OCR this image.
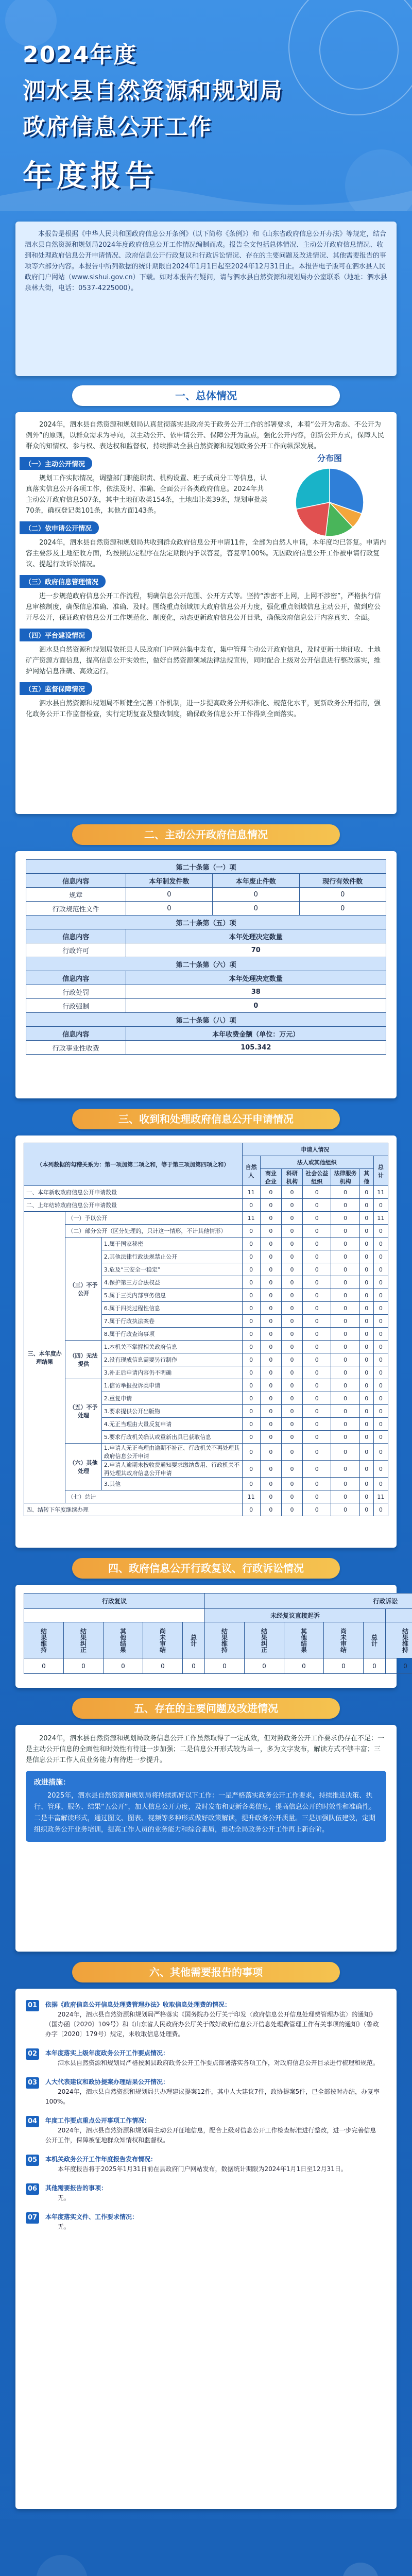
2024年度
泗水县自然资源和规划局
政府信息公开工作
年度报告
本报告是根据《中华人民共和国政府信息公开条例》（以下简称《条例》）和《山东省政府信息公开办法》等规定，结合泗水县自然资源和规划局2024年度政府信息公开工作情况编制而成。报告全文包括总体情况、主动公开政府信息情况、收到和处理政府信息公开申请情况、政府信息公开行政复议和行政诉讼情况、存在的主要问题及改进情况、其他需要报告的事项等六部分内容。本报告中所列数据的统计期限自2024年1月1日起至2024年12月31日止。本报告电子版可在泗水县人民政府门户网站（www.sishui.gov.cn）下载。如对本报告有疑问，请与泗水县自然资源和规划局办公室联系（地址：泗水县泉林大街，电话：0537-4225000）。
一、总体情况

2024年，泗水县自然资源和规划局认真贯彻落实县政府关于政务公开工作的部署要求，本着“公开为常态、不公开为例外”的原则，以群众需求为导向，以主动公开、依申请公开、保障公开为重点，强化公开内容，创新公开方式，保障人民群众的知情权、参与权、表达权和监督权，持续推动全县自然资源和规划政务公开工作向纵深发展。

（一）主动公开情况

规划工作实际情况，调整部门职能职责、机构设置、班子成员分工等信息，认真落实信息公开各项工作，依法及时、准确、全面公开各类政府信息。2024年共主动公开政府信息507条，其中土地征收类154条，土地出让类39条，规划审批类70条，确权登记类101条，其他方面143条。

分布图
（二）依申请公开情况

2024年，泗水县自然资源和规划局共收到群众政府信息公开申请11件，全部为自然人申请，本年度均已答复。申请内容主要涉及土地征收方面，均按照法定程序在法定期限内予以答复，答复率100%。无因政府信息公开工作被申请行政复议、提起行政诉讼情况。

（三）政府信息管理情况

进一步规范政府信息公开工作流程，明确信息公开范围、公开方式等。坚持“涉密不上网，上网不涉密”，严格执行信息审核制度，确保信息准确、准确、及时。围绕重点领域加大政府信息公开力度，强化重点领域信息主动公开，做到应公开尽公开，保证政府信息公开工作规范化、制度化，动态更新政府信息公开目录，确保政府信息公开内容真实、全面。

（四）平台建设情况

泗水县自然资源和规划局依托县人民政府门户网站集中发布，集中管理主动公开政府信息，及时更新土地征收、土地矿产资源方面信息，提高信息公开实效性，做好自然资源领域法律法规宣传，同时配合上级对公开信息进行整改落实，维护网站信息准确、高效运行。

（五）监督保障情况

泗水县自然资源和规划局不断健全完善工作机制，进一步提高政务公开标准化、规范化水平，更新政务公开指南，强化政务公开工作监督检查，实行定期复查及整改制度，确保政务信息公开工作得到全面落实。

二、主动公开政府信息情况
第二十条第（一）项			
信息内容	本年制发件数	本年废止件数	现行有效件数
规章	0	0	0
行政规范性文件	0	0	0
第二十条第（五）项			
信息内容	本年处理决定数量		
行政许可	70		
第二十条第（六）项			
信息内容	本年处理决定数量		
行政处罚	38		
行政强制	0		
第二十条第（八）项			
信息内容	本年收费金额（单位：万元）		
行政事业性收费	105.342		
三、收到和处理政府信息公开申请情况
（本列数据的勾稽关系为：第一项加第二项之和，等于第三项加第四项之和）			申请人情况						
			自然人	法人或其他组织					总计
				商业企业	科研机构	社会公益组织	法律服务机构	其他	
一、本年新收政府信息公开申请数量			11	0	0	0	0	0	11
二、上年结转政府信息公开申请数量			0	0	0	0	0	0	0
三、本年度办理结果	（一）予以公开		11	0	0	0	0	0	11
	（二）部分公开（区分处理的，只计这一情形，不计其他情形）		0	0	0	0	0	0	0
	（三）不予公开	1.属于国家秘密	0	0	0	0	0	0	0
		2.其他法律行政法规禁止公开	0	0	0	0	0	0	0
		3.危及“三安全一稳定”	0	0	0	0	0	0	0
		4.保护第三方合法权益	0	0	0	0	0	0	0
		5.属于三类内部事务信息	0	0	0	0	0	0	0
		6.属于四类过程性信息	0	0	0	0	0	0	0
		7.属于行政执法案卷	0	0	0	0	0	0	0
		8.属于行政查询事项	0	0	0	0	0	0	0
	（四）无法提供	1.本机关不掌握相关政府信息	0	0	0	0	0	0	0
		2.没有现成信息需要另行制作	0	0	0	0	0	0	0
		3.补正后申请内容仍不明确	0	0	0	0	0	0	0
	（五）不予处理	1.信访举报投诉类申请	0	0	0	0	0	0	0
		2.重复申请	0	0	0	0	0	0	0
		3.要求提供公开出版物	0	0	0	0	0	0	0
		4.无正当理由大量反复申请	0	0	0	0	0	0	0
		5.要求行政机关确认或重新出具已获取信息	0	0	0	0	0	0	0
	（六）其他处理	1.申请人无正当理由逾期不补正、行政机关不再处理其政府信息公开申请	0	0	0	0	0	0	0
		2.申请人逾期未按收费通知要求缴纳费用、行政机关不再处理其政府信息公开申请	0	0	0	0	0	0	0
		3.其他	0	0	0	0	0	0	0
	（七）总计		11	0	0	0	0	0	11
四、结转下年度继续办理			0	0	0	0	0	0	0
四、政府信息公开行政复议、行政诉讼情况
行政复议					行政诉讼									
					未经复议直接起诉	
结果维持	结果纠正	其他结果	尚未审结	总计	结果维持	结果纠正	其他结果	尚未审结	总计	结果维持				
0	0	0	0	0	0	0	0	0	0	0				
五、存在的主要问题及改进情况

2024年，泗水县自然资源和规划局政务信息公开工作虽然取得了一定成效，但对照政务公开工作要求仍存在不足：一是主动公开信息的全面性和时效性有待进一步加强；二是信息公开形式较为单一，多为文字发布，解读方式不够丰富；三是信息公开工作人员业务能力有待进一步提升。

改进措施：
2025年，泗水县自然资源和规划局将持续抓好以下工作：一是严格落实政务公开工作要求，持续推进决策、执行、管理、服务、结果“五公开”，加大信息公开力度，及时发布和更新各类信息，提高信息公开的时效性和准确性。二是丰富解读形式，通过图文、图表、视频等多种形式做好政策解读，提升政务公开质量。三是加强队伍建设，定期组织政务公开业务培训，提高工作人员的业务能力和综合素质，推动全局政务公开工作再上新台阶。
六、其他需要报告的事项
01	依据《政府信息公开信息处理费管理办法》收取信息处理费的情况：
2024年，泗水县自然资源和规划局严格落实《国务院办公厅关于印发〈政府信息公开信息处理费管理办法〉的通知》（国办函〔2020〕109号）和《山东省人民政府办公厅关于做好政府信息公开信息处理费管理工作有关事项的通知》（鲁政办字〔2020〕179号）规定，未收取信息处理费。
02	本年度落实上级年度政务公开工作要点情况：
泗水县自然资源和规划局严格按照县政府政务公开工作要点部署落实各项工作，对政府信息公开目录进行梳理和规范。
03	人大代表建议和政协提案办理结果公开情况：
2024年，泗水县自然资源和规划局共办理建议提案12件，其中人大建议7件，政协提案5件，已全部按时办结，办复率100%。
04	年度工作要点重点公开事项工作情况：
2024年，泗水县自然资源和规划局主动公开征地信息，配合上级对信息公开工作检查标准进行整改，进一步完善信息公开工作，保障被征地群众知情权和监督权。
05	本机关政务公开工作年度报告发布情况：
本年度报告将于2025年1月31日前在县政府门户网站发布，数据统计期限为2024年1月1日至12月31日。
06	其他需要报告的事项：
无。
07	本年度落实文件、工作要求情况：
无。
